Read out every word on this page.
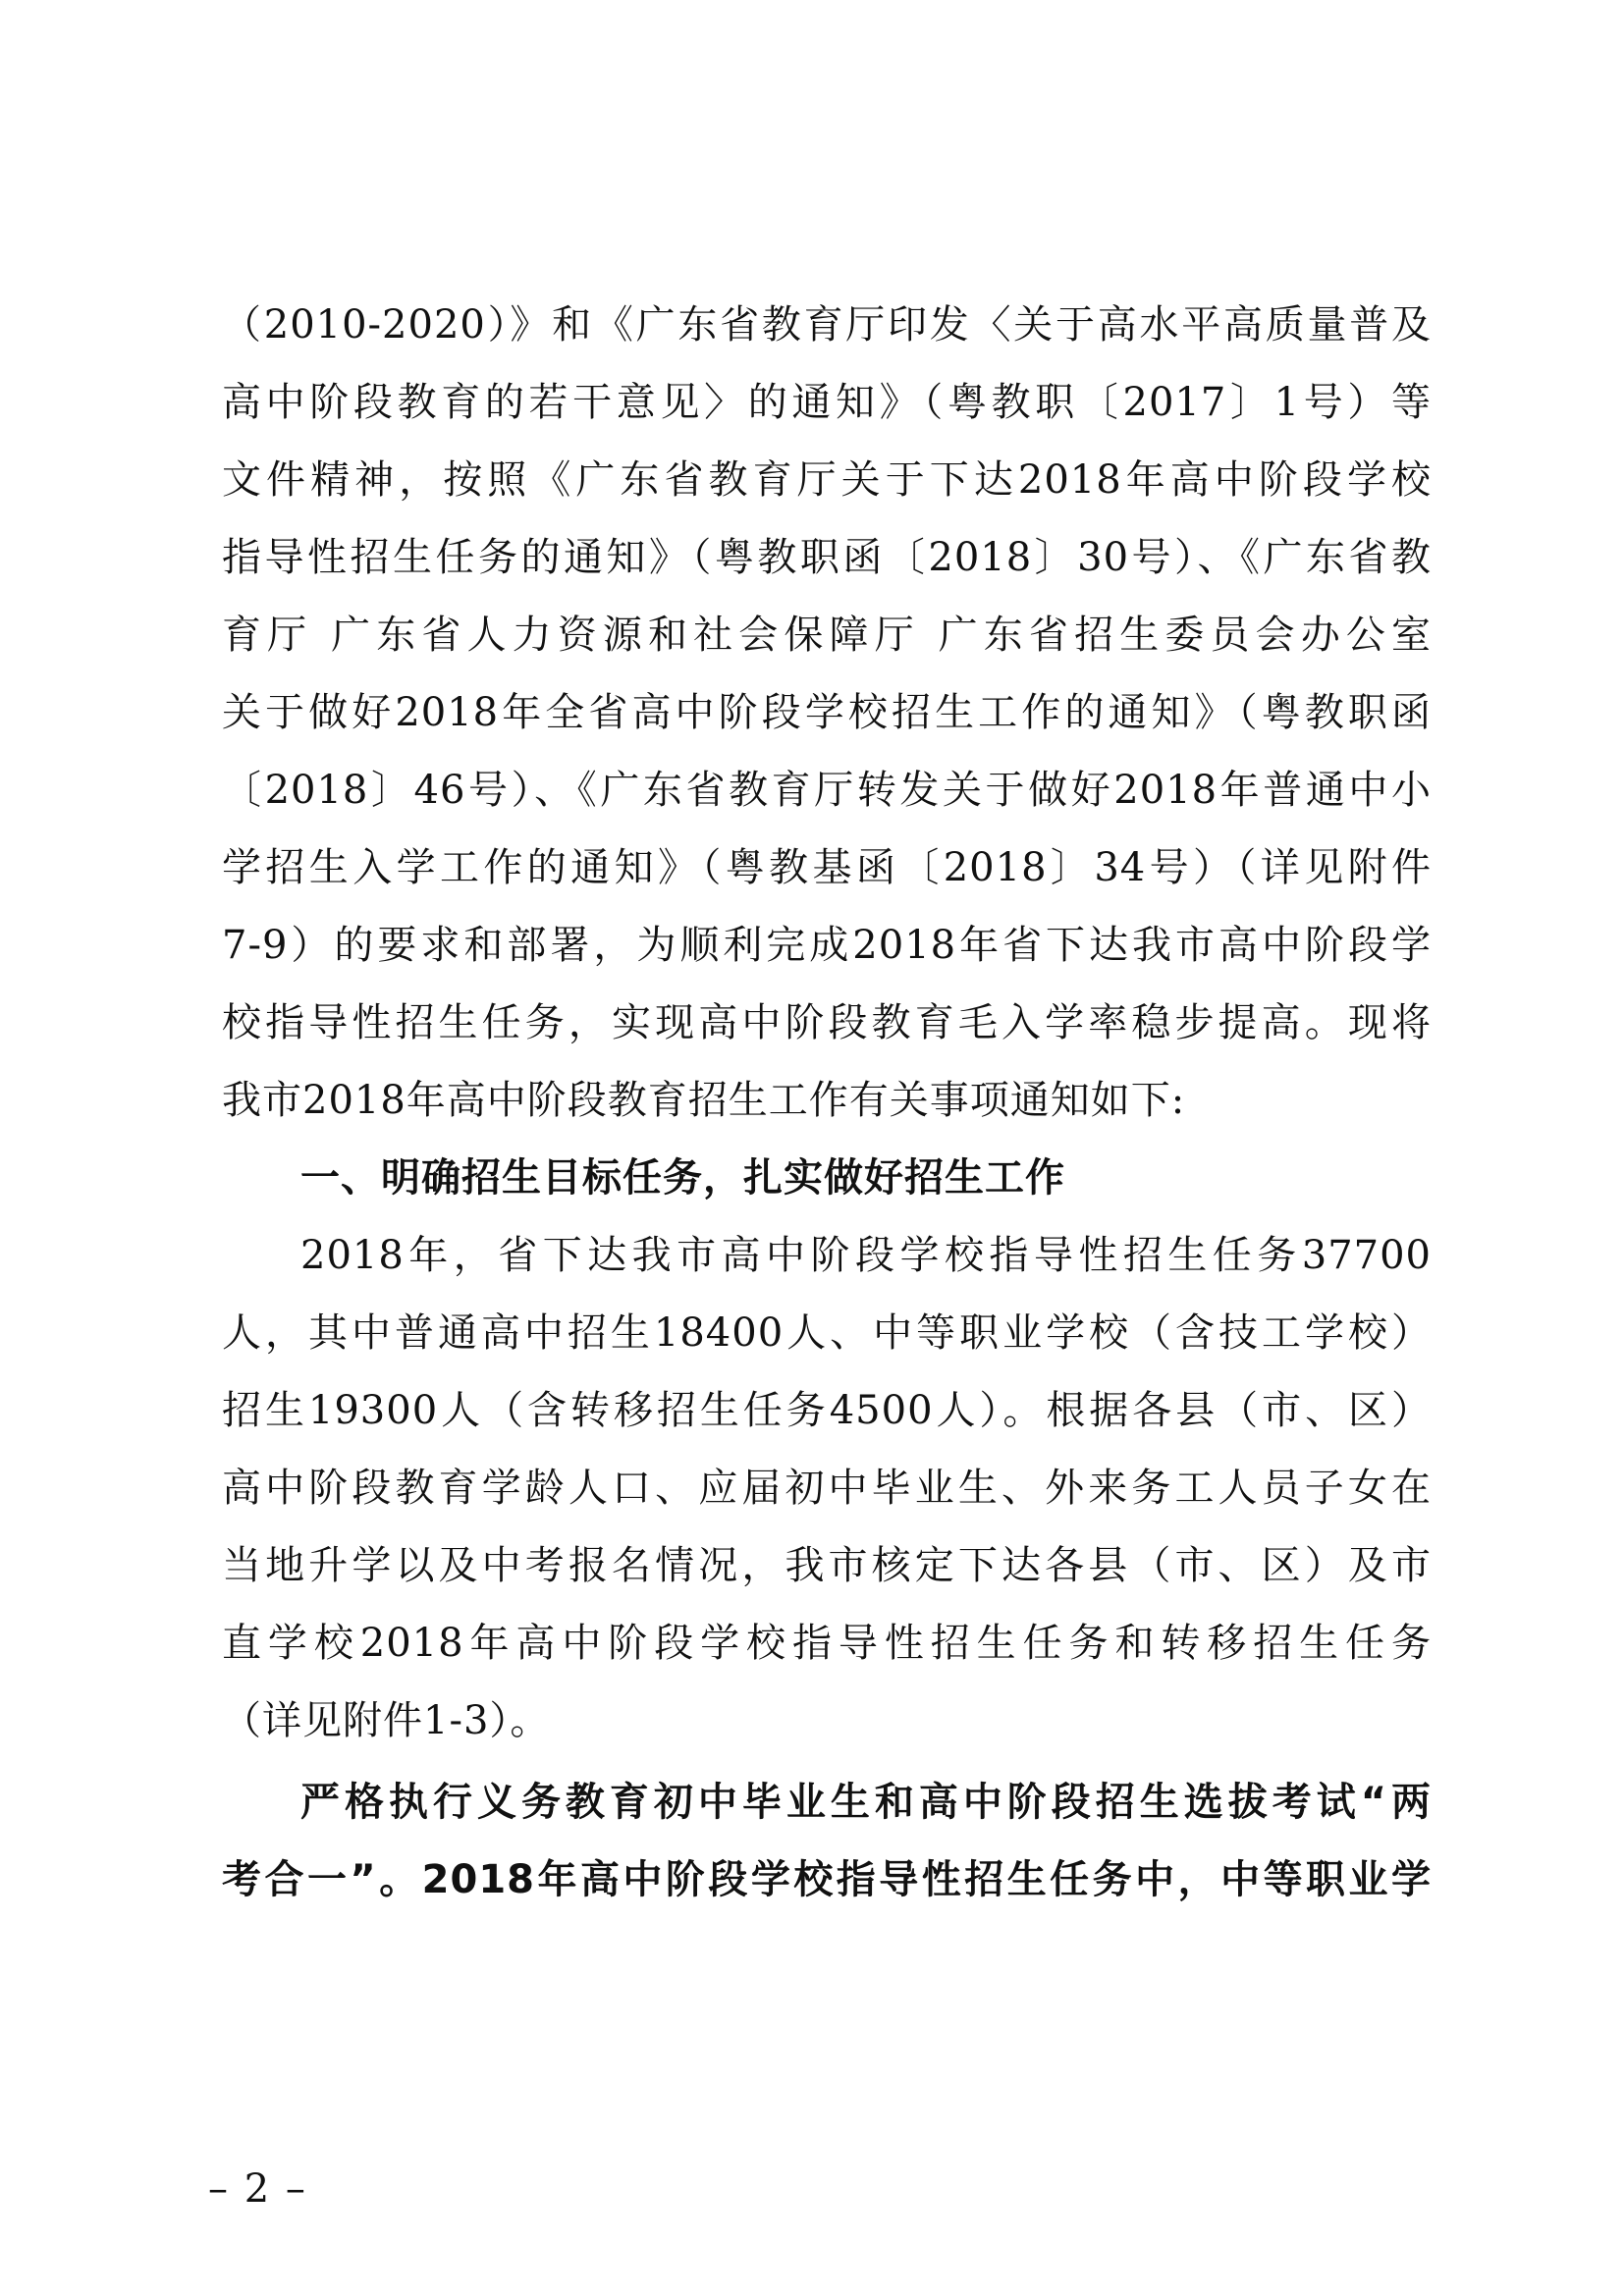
（2010-2020）》和《广东省教育厅印发〈关于高水平高质量普及
高中阶段教育的若干意见〉的通知》（粤教职〔2017〕1号）等
文件精神，按照《广东省教育厅关于下达2018年高中阶段学校
指导性招生任务的通知》（粤教职函〔2018〕30号）、《广东省教
育厅 广东省人力资源和社会保障厅 广东省招生委员会办公室
关于做好2018年全省高中阶段学校招生工作的通知》（粤教职函
〔2018〕46号）、《广东省教育厅转发关于做好2018年普通中小
学招生入学工作的通知》（粤教基函〔2018〕34号）（详见附件
7-9）的要求和部署，为顺利完成2018年省下达我市高中阶段学
校指导性招生任务，实现高中阶段教育毛入学率稳步提高。现将
我市2018年高中阶段教育招生工作有关事项通知如下:
一、明确招生目标任务，扎实做好招生工作
2018年，省下达我市高中阶段学校指导性招生任务37700
人，其中普通高中招生18400人、中等职业学校（含技工学校）
招生19300人（含转移招生任务4500人）。根据各县（市、区）
高中阶段教育学龄人口、应届初中毕业生、外来务工人员子女在
当地升学以及中考报名情况，我市核定下达各县（市、区）及市
直学校2018年高中阶段学校指导性招生任务和转移招生任务
（详见附件1-3）。
严格执行义务教育初中毕业生和高中阶段招生选拔考试“两
考合一”。2018年高中阶段学校指导性招生任务中，中等职业学
– 2 –
